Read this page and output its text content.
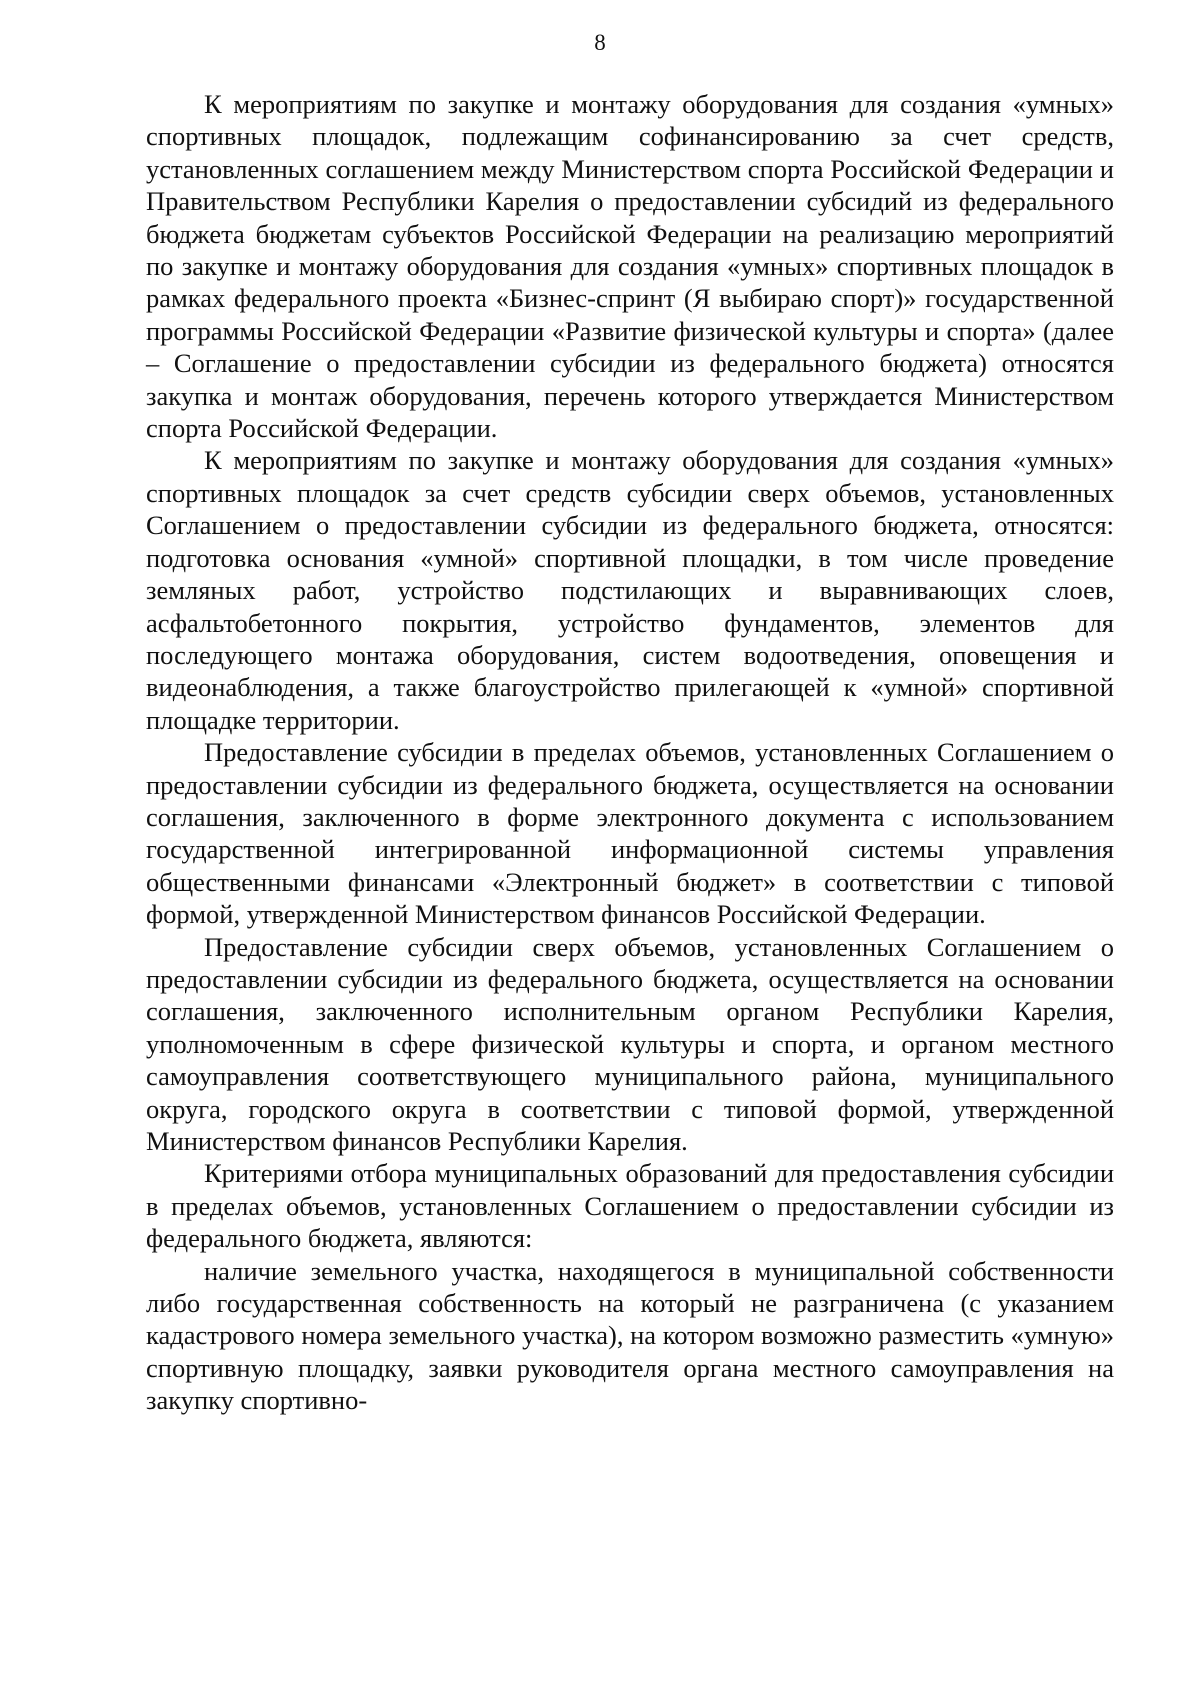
8

К мероприятиям по закупке и монтажу оборудования для создания «умных» спортивных площадок, подлежащим софинансированию за счет средств, установленных соглашением между Министерством спорта Российской Федерации и Правительством Республики Карелия о предоставлении субсидий из федерального бюджета бюджетам субъектов Российской Федерации на реализацию мероприятий по закупке и монтажу оборудования для создания «умных» спортивных площадок в рамках федерального проекта «Бизнес-спринт (Я выбираю спорт)» государственной программы Российской Федерации «Развитие физической культуры и спорта» (далее – Соглашение о предоставлении субсидии из федерального бюджета) относятся закупка и монтаж оборудования, перечень которого утверждается Министерством спорта Российской Федерации.

К мероприятиям по закупке и монтажу оборудования для создания «умных» спортивных площадок за счет средств субсидии сверх объемов, установленных Соглашением о предоставлении субсидии из федерального бюджета, относятся: подготовка основания «умной» спортивной площадки, в том числе проведение земляных работ, устройство подстилающих и выравнивающих слоев, асфальтобетонного покрытия, устройство фундаментов, элементов для последующего монтажа оборудования, систем водоотведения, оповещения и видеонаблюдения, а также благоустройство прилегающей к «умной» спортивной площадке территории.

Предоставление субсидии в пределах объемов, установленных Соглашением о предоставлении субсидии из федерального бюджета, осуществляется на основании соглашения, заключенного в форме электронного документа с использованием государственной интегрированной информационной системы управления общественными финансами «Электронный бюджет» в соответствии с типовой формой, утвержденной Министерством финансов Российской Федерации.

Предоставление субсидии сверх объемов, установленных Соглашением о предоставлении субсидии из федерального бюджета, осуществляется на основании соглашения, заключенного исполнительным органом Республики Карелия, уполномоченным в сфере физической культуры и спорта, и органом местного самоуправления соответствующего муниципального района, муниципального округа, городского округа в соответствии с типовой формой, утвержденной Министерством финансов Республики Карелия.

Критериями отбора муниципальных образований для предоставления субсидии в пределах объемов, установленных Соглашением о предоставлении субсидии из федерального бюджета, являются:

наличие земельного участка, находящегося в муниципальной собственности либо государственная собственность на который не разграничена (с указанием кадастрового номера земельного участка), на котором возможно разместить «умную» спортивную площадку, заявки руководителя органа местного самоуправления на закупку спортивно-
